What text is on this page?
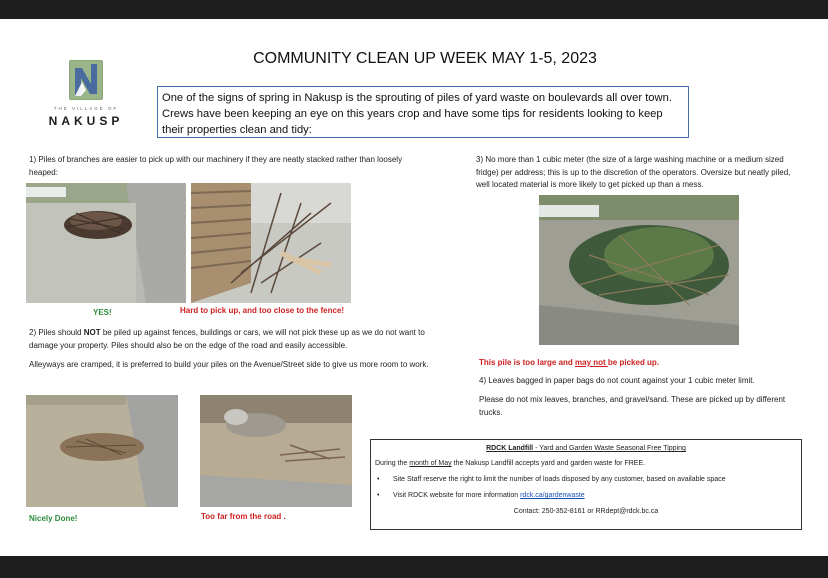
THE VILLAGE OF
NAKUSP
COMMUNITY CLEAN UP WEEK MAY 1-5, 2023
One of the signs of spring in Nakusp is the sprouting of piles of yard waste on boulevards all over town. Crews have been keeping an eye on this years crop and have some tips for residents looking to keep their properties clean and tidy:
1) Piles of branches are easier to pick up with our machinery if they are neatly stacked rather than loosely heaped:
YES!	Hard to pick up, and too close to the fence!
2) Piles should NOT be piled up against fences, buildings or cars, we will not pick these up as we do not want to damage your property. Piles should also be on the edge of the road and easily accessible.
Alleyways are cramped, it is preferred to build your piles on the Avenue/Street side to give us more room to work.
Nicely Done!	Too far from the road .
3) No more than 1 cubic meter (the size of a large washing machine or a medium sized fridge) per address; this is up to the discretion of the operators. Oversize but neatly piled, well located material is more likely to get picked up than a mess.
This pile is too large and may not be picked up.
4) Leaves bagged in paper bags do not count against your 1 cubic meter limit.
Please do not mix leaves, branches, and gravel/sand. These are picked up by different trucks.
RDCK Landfill - Yard and Garden Waste Seasonal Free Tipping
During the month of May the Nakusp Landfill accepts yard and garden waste for FREE.
• Site Staff reserve the right to limit the number of loads disposed by any customer, based on available space
• Visit RDCK website for more information rdck.ca/gardenwaste
Contact: 250-352-8161 or RRdept@rdck.bc.ca
